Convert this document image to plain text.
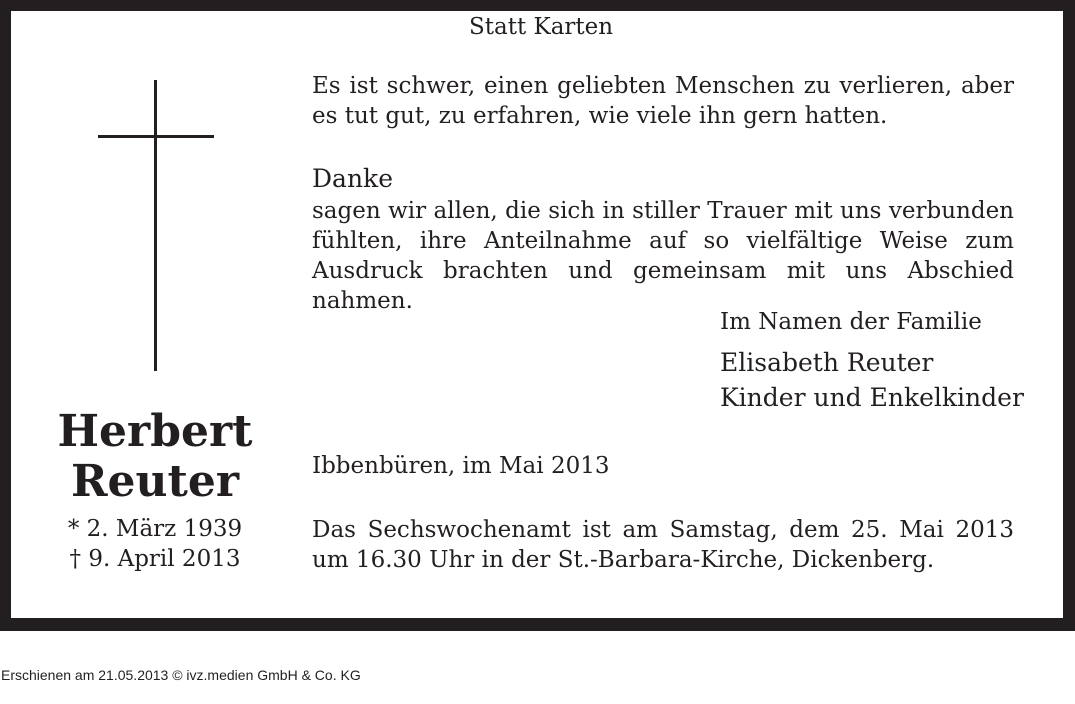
Statt Karten
Herbert
Reuter
* 2. März 1939
† 9. April 2013
Es ist schwer, einen geliebten Menschen zu verlieren, aber es tut gut, zu erfahren, wie viele ihn gern hatten.
Danke
sagen wir allen, die sich in stiller Trauer mit uns verbunden fühlten, ihre Anteilnahme auf so vielfältige Weise zum Ausdruck brachten und gemeinsam mit uns Abschied nahmen.
Im Namen der Familie
Elisabeth Reuter
Kinder und Enkelkinder
Ibbenbüren, im Mai 2013
Das Sechswochenamt ist am Samstag, dem 25. Mai 2013 um 16.30 Uhr in der St.-Barbara-Kirche, Dickenberg.
Erschienen am 21.05.2013 © ivz.medien GmbH & Co. KG
